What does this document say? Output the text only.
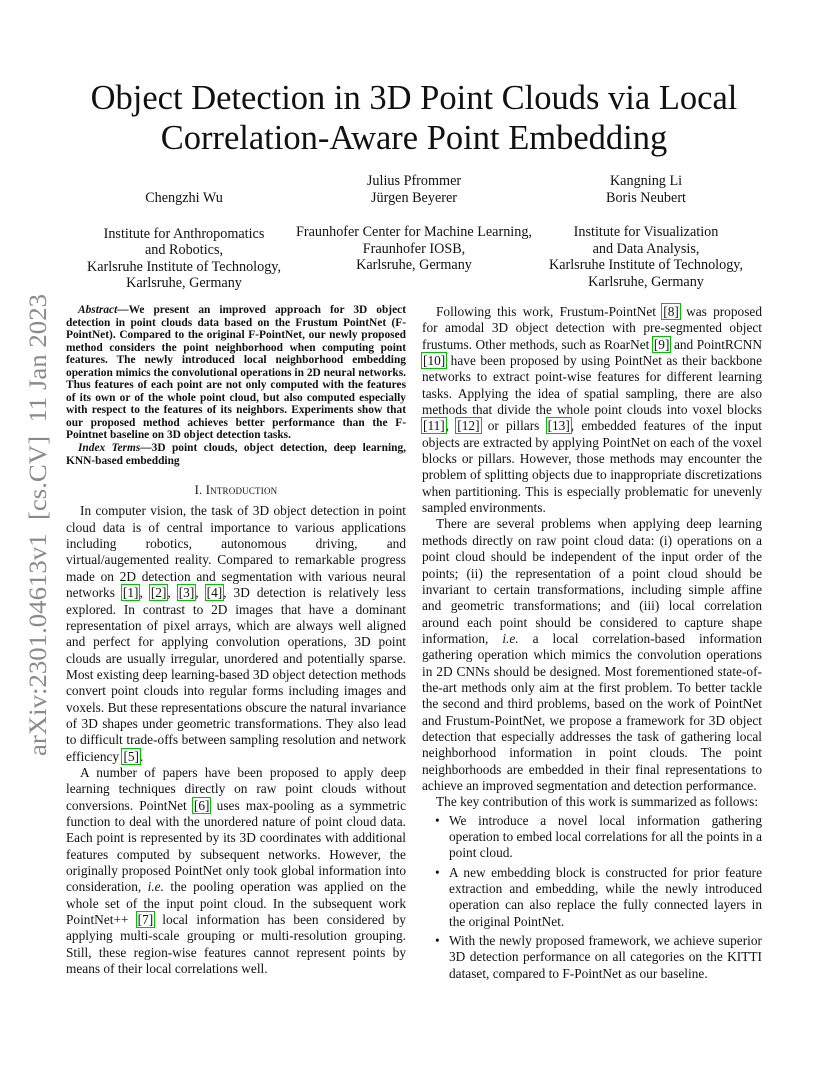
arXiv:2301.04613v1  [cs.CV]  11 Jan 2023
Object Detection in 3D Point Clouds via Local
Correlation-Aware Point Embedding
Chengzhi Wu
Institute for Anthropomatics
and Robotics,
Karlsruhe Institute of Technology,
Karlsruhe, Germany
Julius Pfrommer
Jürgen Beyerer
Fraunhofer Center for Machine Learning,
Fraunhofer IOSB,
Karlsruhe, Germany
Kangning Li
Boris Neubert
Institute for Visualization
and Data Analysis,
Karlsruhe Institute of Technology,
Karlsruhe, Germany

Abstract—We present an improved approach for 3D object detection in point clouds data based on the Frustum PointNet (F-PointNet). Compared to the original F-PointNet, our newly proposed method considers the point neighborhood when computing point features. The newly introduced local neighborhood embedding operation mimics the convolutional operations in 2D neural networks. Thus features of each point are not only computed with the features of its own or of the whole point cloud, but also computed especially with respect to the features of its neighbors. Experiments show that our proposed method achieves better performance than the F-Pointnet baseline on 3D object detection tasks.

Index Terms—3D point clouds, object detection, deep learning, KNN-based embedding

I. Introduction

In computer vision, the task of 3D object detection in point cloud data is of central importance to various applications including robotics, autonomous driving, and virtual/augemented reality. Compared to remarkable progress made on 2D detection and segmentation with various neural networks [1], [2], [3], [4], 3D detection is relatively less explored. In contrast to 2D images that have a dominant representation of pixel arrays, which are always well aligned and perfect for applying convolution operations, 3D point clouds are usually irregular, unordered and potentially sparse. Most existing deep learning-based 3D object detection methods convert point clouds into regular forms including images and voxels. But these representations obscure the natural invariance of 3D shapes under geometric transformations. They also lead to difficult trade-offs between sampling resolution and network efficiency [5].

A number of papers have been proposed to apply deep learning techniques directly on raw point clouds without conversions. PointNet [6] uses max-pooling as a symmetric function to deal with the unordered nature of point cloud data. Each point is represented by its 3D coordinates with additional features computed by subsequent networks. However, the originally proposed PointNet only took global information into consideration, i.e. the pooling operation was applied on the whole set of the input point cloud. In the subsequent work PointNet++ [7] local information has been considered by applying multi-scale grouping or multi-resolution grouping. Still, these region-wise features cannot represent points by means of their local correlations well.

Following this work, Frustum-PointNet [8] was proposed for amodal 3D object detection with pre-segmented object frustums. Other methods, such as RoarNet [9] and PointRCNN [10] have been proposed by using PointNet as their backbone networks to extract point-wise features for different learning tasks. Applying the idea of spatial sampling, there are also methods that divide the whole point clouds into voxel blocks [11], [12] or pillars [13], embedded features of the input objects are extracted by applying PointNet on each of the voxel blocks or pillars. However, those methods may encounter the problem of splitting objects due to inappropriate discretizations when partitioning. This is especially problematic for unevenly sampled environments.

There are several problems when applying deep learning methods directly on raw point cloud data: (i) operations on a point cloud should be independent of the input order of the points; (ii) the representation of a point cloud should be invariant to certain transformations, including simple affine and geometric transformations; and (iii) local correlation around each point should be considered to capture shape information, i.e. a local correlation-based information gathering operation which mimics the convolution operations in 2D CNNs should be designed. Most forementioned state-of-the-art methods only aim at the first problem. To better tackle the second and third problems, based on the work of PointNet and Frustum-PointNet, we propose a framework for 3D object detection that especially addresses the task of gathering local neighborhood information in point clouds. The point neighborhoods are embedded in their final representations to achieve an improved segmentation and detection performance.

The key contribution of this work is summarized as follows:

• We introduce a novel local information gathering operation to embed local correlations for all the points in a point cloud.
• A new embedding block is constructed for prior feature extraction and embedding, while the newly introduced operation can also replace the fully connected layers in the original PointNet.
• With the newly proposed framework, we achieve superior 3D detection performance on all categories on the KITTI dataset, compared to F-PointNet as our baseline.
